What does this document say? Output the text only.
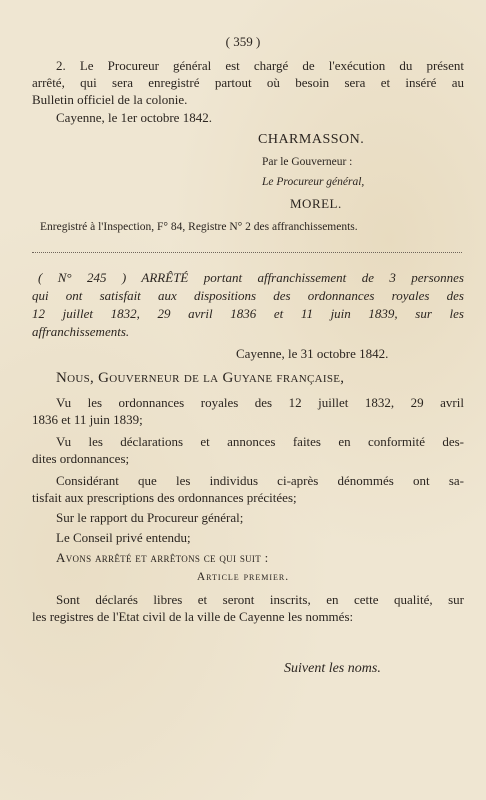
( 359 )
2. Le Procureur général est chargé de l'exécution du présent
arrêté, qui sera enregistré partout où besoin sera et inséré au
Bulletin officiel de la colonie.
Cayenne, le 1er octobre 1842.
CHARMASSON.
Par le Gouverneur :
Le Procureur général,
MOREL.
Enregistré à l'Inspection, F° 84, Registre N° 2 des affranchissements.
( N° 245 ) ARRÊTÉ portant affranchissement de 3 personnes
qui ont satisfait aux dispositions des ordonnances royales des
12 juillet 1832, 29 avril 1836 et 11 juin 1839, sur les
affranchissements.
Cayenne, le 31 octobre 1842.
Nous, Gouverneur de la Guyane française,
Vu les ordonnances royales des 12 juillet 1832, 29 avril
1836 et 11 juin 1839;
Vu les déclarations et annonces faites en conformité des-
dites ordonnances;
Considérant que les individus ci-après dénommés ont sa-
tisfait aux prescriptions des ordonnances précitées;
Sur le rapport du Procureur général;
Le Conseil privé entendu;
Avons arrêté et arrêtons ce qui suit :
Article premier.
Sont déclarés libres et seront inscrits, en cette qualité, sur
les registres de l'Etat civil de la ville de Cayenne les nommés:
Suivent les noms.
